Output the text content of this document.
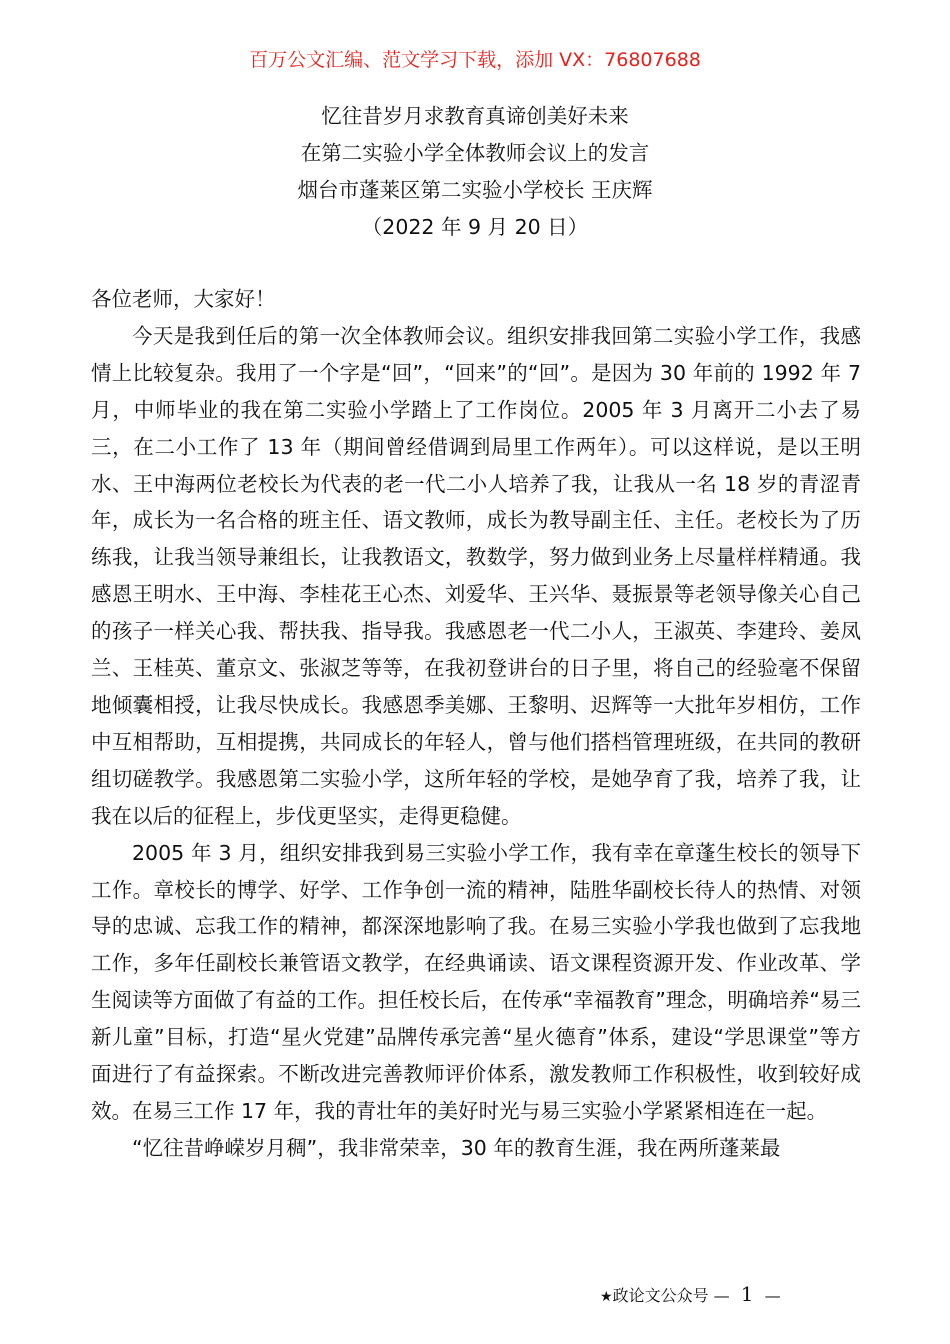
百万公文汇编、范文学习下载，添加 VX：76807688
忆往昔岁月求教育真谛创美好未来
在第二实验小学全体教师会议上的发言
烟台市蓬莱区第二实验小学校长 王庆辉
（2022 年 9 月 20 日）
各位老师，大家好！

今天是我到任后的第一次全体教师会议。组织安排我回第二实验小学工作，我感情上比较复杂。我用了一个字是“回”，“回来”的“回”。是因为 30 年前的 1992 年 7 月，中师毕业的我在第二实验小学踏上了工作岗位。2005 年 3 月离开二小去了易三，在二小工作了 13 年（期间曾经借调到局里工作两年）。可以这样说，是以王明水、王中海两位老校长为代表的老一代二小人培养了我，让我从一名 18 岁的青涩青年，成长为一名合格的班主任、语文教师，成长为教导副主任、主任。老校长为了历练我，让我当领导兼组长，让我教语文，教数学，努力做到业务上尽量样样精通。我感恩王明水、王中海、李桂花王心杰、刘爱华、王兴华、聂振景等老领导像关心自己的孩子一样关心我、帮扶我、指导我。我感恩老一代二小人，王淑英、李建玲、姜凤兰、王桂英、董京文、张淑芝等等，在我初登讲台的日子里，将自己的经验毫不保留地倾囊相授，让我尽快成长。我感恩季美娜、王黎明、迟辉等一大批年岁相仿，工作中互相帮助，互相提携，共同成长的年轻人，曾与他们搭档管理班级，在共同的教研组切磋教学。我感恩第二实验小学，这所年轻的学校，是她孕育了我，培养了我，让我在以后的征程上，步伐更坚实，走得更稳健。

2005 年 3 月，组织安排我到易三实验小学工作，我有幸在章蓬生校长的领导下工作。章校长的博学、好学、工作争创一流的精神，陆胜华副校长待人的热情、对领导的忠诚、忘我工作的精神，都深深地影响了我。在易三实验小学我也做到了忘我地工作，多年任副校长兼管语文教学，在经典诵读、语文课程资源开发、作业改革、学生阅读等方面做了有益的工作。担任校长后，在传承“幸福教育”理念，明确培养“易三新儿童”目标，打造“星火党建”品牌传承完善“星火德育”体系，建设“学思课堂”等方面进行了有益探索。不断改进完善教师评价体系，激发教师工作积极性，收到较好成效。在易三工作 17 年，我的青壮年的美好时光与易三实验小学紧紧相连在一起。

“忆往昔峥嵘岁月稠”，我非常荣幸，30 年的教育生涯，我在两所蓬莱最

★政论文公众号 — 1 —
